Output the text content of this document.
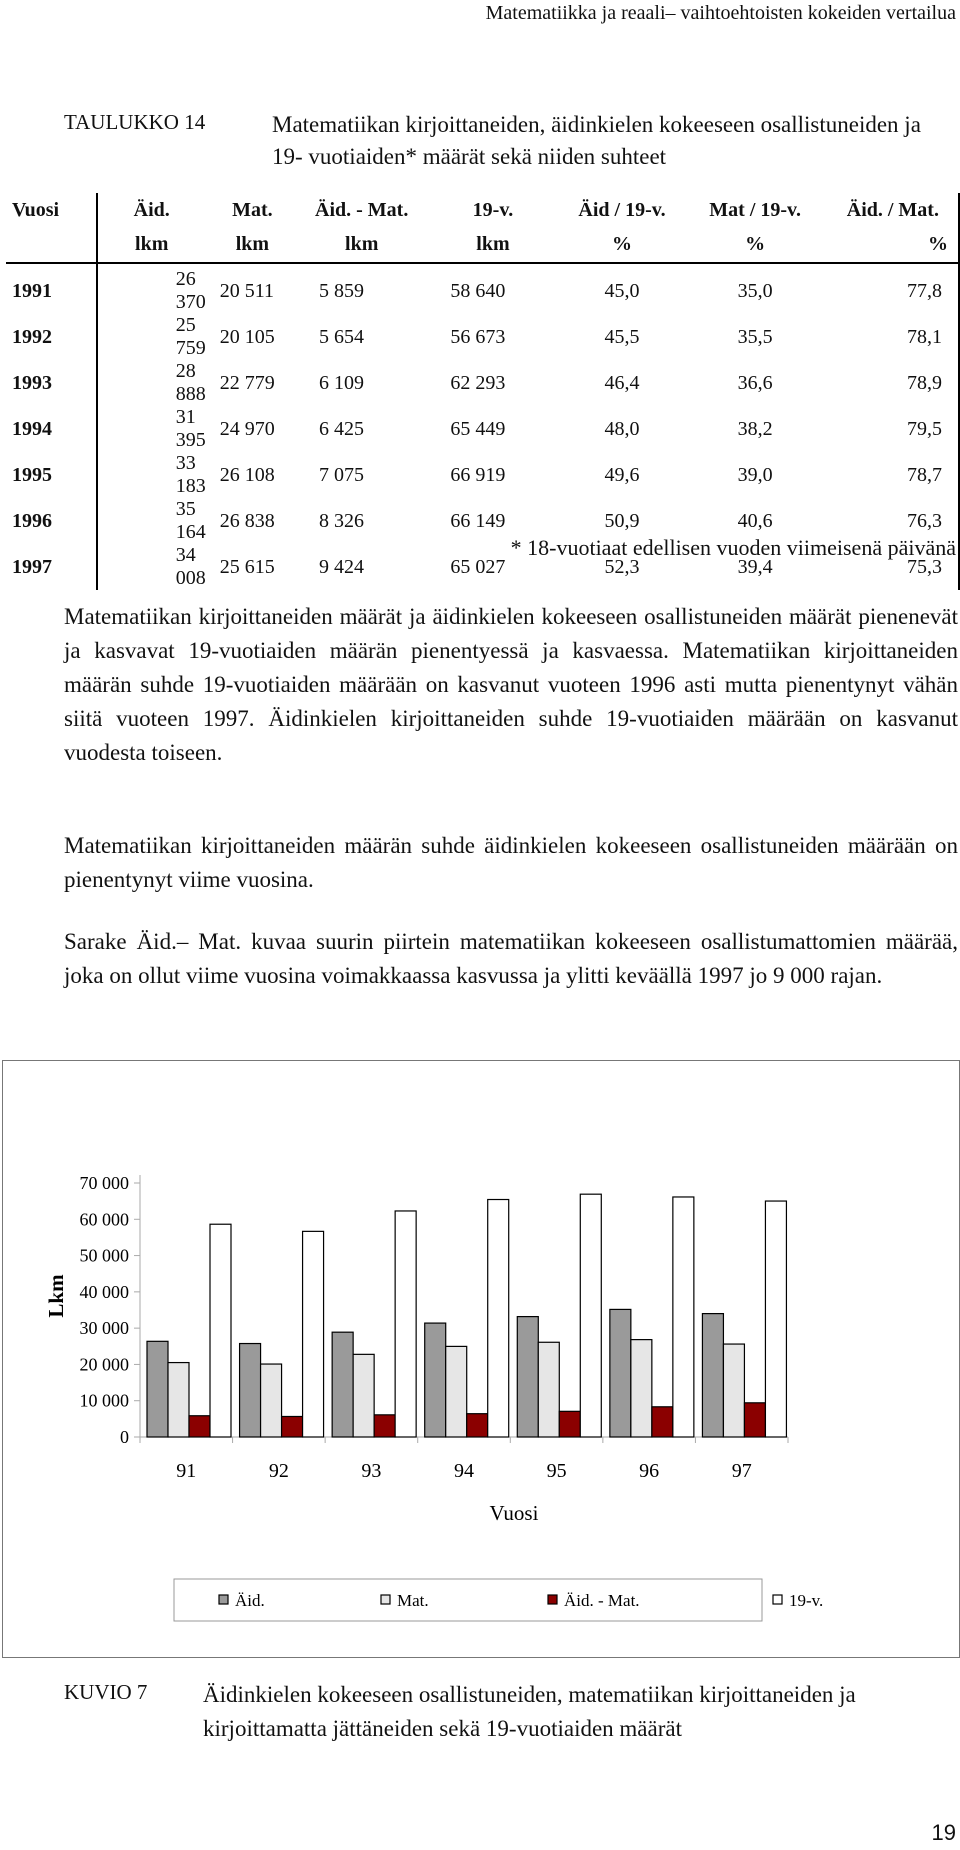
Matematiikka ja reaali– vaihtoehtoisten kokeiden vertailua
TAULUKKO 14	Matematiikan kirjoittaneiden, äidinkielen kokeeseen osallistuneiden ja 19- vuotiaiden* määrät sekä niiden suhteet
Vuosi	Äid.	Mat.	Äid. - Mat.	19-v.	Äid / 19-v.	Mat / 19-v.	Äid. / Mat.
	lkm	lkm	lkm	lkm	%	%	%
1991	26 370	20 511	5 859	58 640	45,0	35,0	77,8
1992	25 759	20 105	5 654	56 673	45,5	35,5	78,1
1993	28 888	22 779	6 109	62 293	46,4	36,6	78,9
1994	31 395	24 970	6 425	65 449	48,0	38,2	79,5
1995	33 183	26 108	7 075	66 919	49,6	39,0	78,7
1996	35 164	26 838	8 326	66 149	50,9	40,6	76,3
1997	34 008	25 615	9 424	65 027	52,3	39,4	75,3
* 18-vuotiaat edellisen vuoden viimeisenä päivänä
Matematiikan kirjoittaneiden määrät ja äidinkielen kokeeseen osallistuneiden määrät pienenevät ja kasvavat 19-vuotiaiden määrän pienentyessä ja kasvaessa. Matematiikan kirjoittaneiden määrän suhde 19-vuotiaiden määrään on kasvanut vuoteen 1996 asti mutta pienentynyt vähän siitä vuoteen 1997. Äidinkielen kirjoittaneiden suhde 19-vuotiaiden määrään on kasvanut vuodesta toiseen.
Matematiikan kirjoittaneiden määrän suhde äidinkielen kokeeseen osallistuneiden määrään on pienentynyt viime vuosina.
Sarake Äid.– Mat. kuvaa suurin piirtein matematiikan kokeeseen osallistumattomien määrää, joka on ollut viime vuosina voimakkaassa kasvussa ja ylitti keväällä 1997 jo 9 000 rajan.
0
10 000
20 000
30 000
40 000
50 000
60 000
70 000
91	92	93	94	95	96	97
Vuosi
Lkm
Äid.	Mat.	Äid. - Mat.	19-v.
KUVIO 7 Äidinkielen kokeeseen osallistuneiden, matematiikan kirjoittaneiden ja kirjoittamatta jättäneiden sekä 19-vuotiaiden määrät
19
